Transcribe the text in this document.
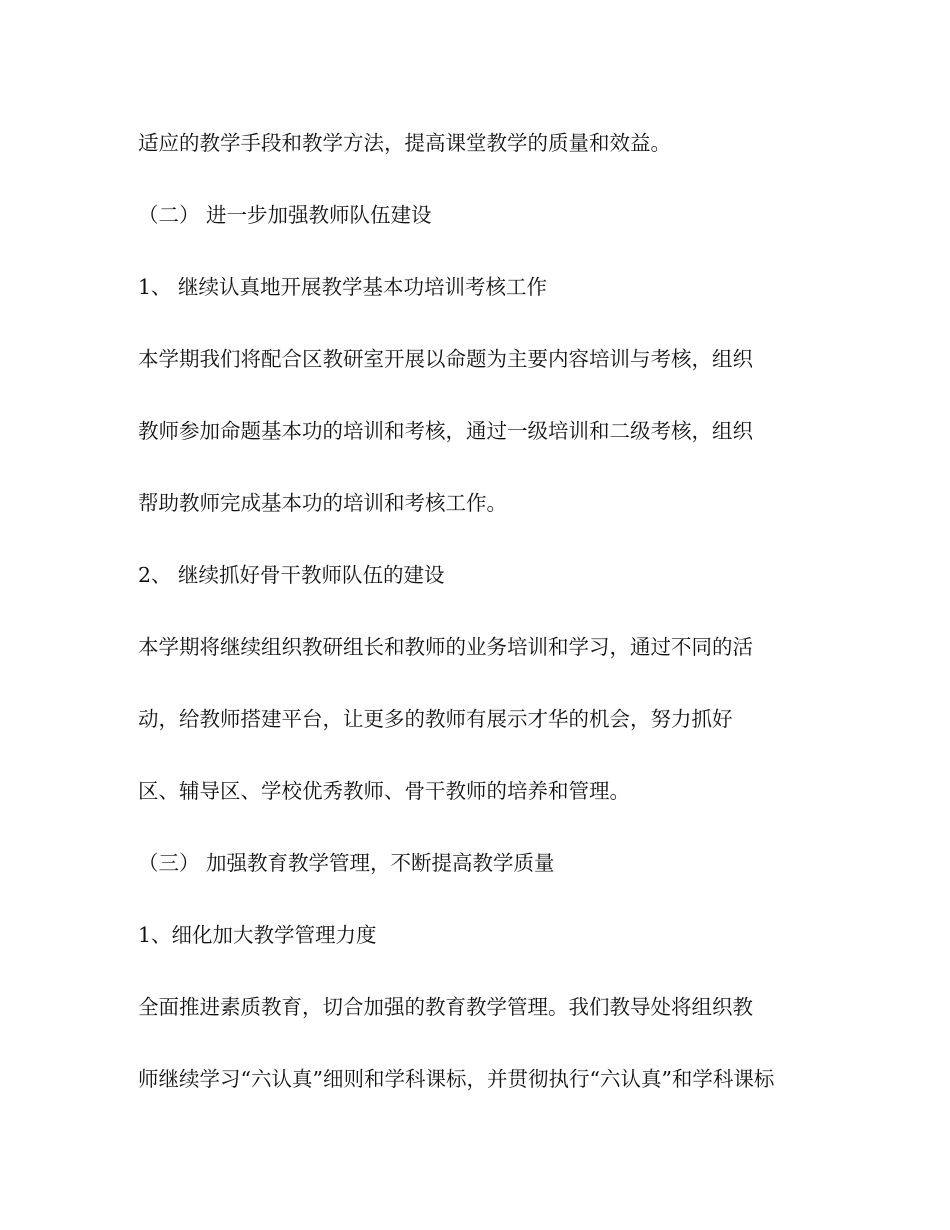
适应的教学手段和教学方法，提高课堂教学的质量和效益。
（二） 进一步加强教师队伍建设
1、 继续认真地开展教学基本功培训考核工作
本学期我们将配合区教研室开展以命题为主要内容培训与考核，组织
教师参加命题基本功的培训和考核，通过一级培训和二级考核，组织
帮助教师完成基本功的培训和考核工作。
2、 继续抓好骨干教师队伍的建设
本学期将继续组织教研组长和教师的业务培训和学习，通过不同的活
动，给教师搭建平台，让更多的教师有展示才华的机会，努力抓好
区、辅导区、学校优秀教师、骨干教师的培养和管理。
（三） 加强教育教学管理，不断提高教学质量
1、细化加大教学管理力度
全面推进素质教育，切合加强的教育教学管理。我们教导处将组织教
师继续学习“六认真”细则和学科课标，并贯彻执行“六认真”和学科课标
